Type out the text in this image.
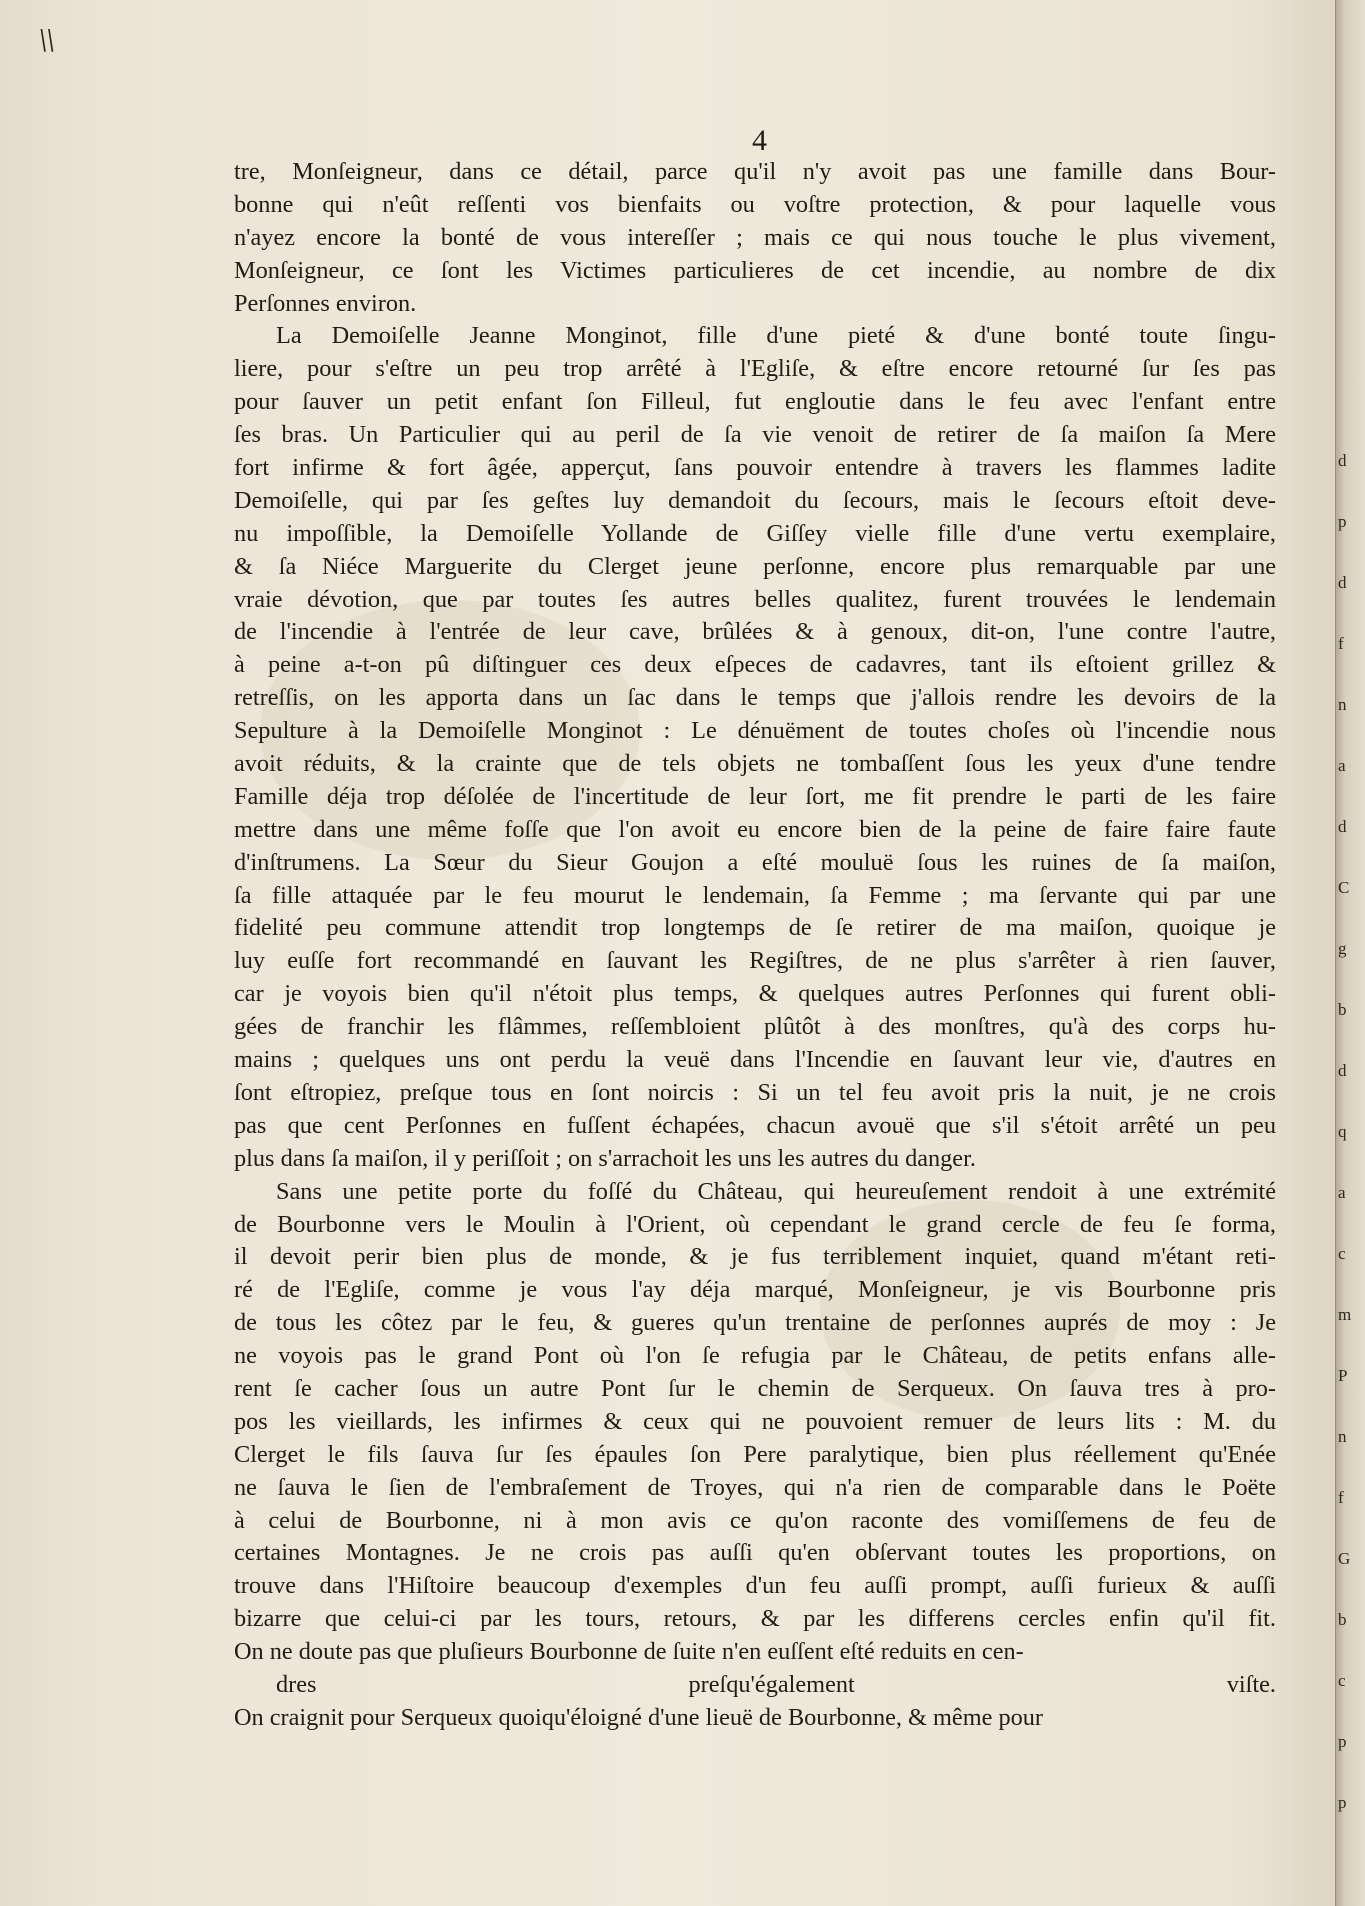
\\
4
tre, Monſeigneur, dans ce détail, parce qu'il n'y avoit pas une famille dans Bour-
bonne qui n'eût reſſenti vos bienfaits ou voſtre protection, & pour laquelle vous
n'ayez encore la bonté de vous intereſſer ; mais ce qui nous touche le plus vivement,
Monſeigneur, ce ſont les Victimes particulieres de cet incendie, au nombre de dix
Perſonnes environ.
La Demoiſelle Jeanne Monginot, fille d'une pieté & d'une bonté toute ſingu-
liere, pour s'eſtre un peu trop arrêté à l'Egliſe, & eſtre encore retourné ſur ſes pas
pour ſauver un petit enfant ſon Filleul, fut engloutie dans le feu avec l'enfant entre
ſes bras. Un Particulier qui au peril de ſa vie venoit de retirer de ſa maiſon ſa Mere
fort infirme & fort âgée, apperçut, ſans pouvoir entendre à travers les flammes ladite
Demoiſelle, qui par ſes geſtes luy demandoit du ſecours, mais le ſecours eſtoit deve-
nu impoſſible, la Demoiſelle Yollande de Giſſey vielle fille d'une vertu exemplaire,
& ſa Niéce Marguerite du Clerget jeune perſonne, encore plus remarquable par une
vraie dévotion, que par toutes ſes autres belles qualitez, furent trouvées le lendemain
de l'incendie à l'entrée de leur cave, brûlées & à genoux, dit-on, l'une contre l'autre,
à peine a-t-on pû diſtinguer ces deux eſpeces de cadavres, tant ils eſtoient grillez &
retreſſis, on les apporta dans un ſac dans le temps que j'allois rendre les devoirs de la
Sepulture à la Demoiſelle Monginot : Le dénuëment de toutes choſes où l'incendie nous
avoit réduits, & la crainte que de tels objets ne tombaſſent ſous les yeux d'une tendre
Famille déja trop déſolée de l'incertitude de leur ſort, me fit prendre le parti de les faire
mettre dans une même foſſe que l'on avoit eu encore bien de la peine de faire faire faute
d'inſtrumens. La Sœur du Sieur Goujon a eſté mouluë ſous les ruines de ſa maiſon,
ſa fille attaquée par le feu mourut le lendemain, ſa Femme ; ma ſervante qui par une
fidelité peu commune attendit trop longtemps de ſe retirer de ma maiſon, quoique je
luy euſſe fort recommandé en ſauvant les Regiſtres, de ne plus s'arrêter à rien ſauver,
car je voyois bien qu'il n'étoit plus temps, & quelques autres Perſonnes qui furent obli-
gées de franchir les flâmmes, reſſembloient plûtôt à des monſtres, qu'à des corps hu-
mains ; quelques uns ont perdu la veuë dans l'Incendie en ſauvant leur vie, d'autres en
ſont eſtropiez, preſque tous en ſont noircis : Si un tel feu avoit pris la nuit, je ne crois
pas que cent Perſonnes en fuſſent échapées, chacun avouë que s'il s'étoit arrêté un peu
plus dans ſa maiſon, il y periſſoit ; on s'arrachoit les uns les autres du danger.
Sans une petite porte du foſſé du Château, qui heureuſement rendoit à une extrémité
de Bourbonne vers le Moulin à l'Orient, où cependant le grand cercle de feu ſe forma,
il devoit perir bien plus de monde, & je fus terriblement inquiet, quand m'étant reti-
ré de l'Egliſe, comme je vous l'ay déja marqué, Monſeigneur, je vis Bourbonne pris
de tous les côtez par le feu, & gueres qu'un trentaine de perſonnes auprés de moy : Je
ne voyois pas le grand Pont où l'on ſe refugia par le Château, de petits enfans alle-
rent ſe cacher ſous un autre Pont ſur le chemin de Serqueux. On ſauva tres à pro-
pos les vieillards, les infirmes & ceux qui ne pouvoient remuer de leurs lits : M. du
Clerget le fils ſauva ſur ſes épaules ſon Pere paralytique, bien plus réellement qu'Enée
ne ſauva le ſien de l'embraſement de Troyes, qui n'a rien de comparable dans le Poëte
à celui de Bourbonne, ni à mon avis ce qu'on raconte des vomiſſemens de feu de
certaines Montagnes. Je ne crois pas auſſi qu'en obſervant toutes les proportions, on
trouve dans l'Hiſtoire beaucoup d'exemples d'un feu auſſi prompt, auſſi furieux & auſſi
bizarre que celui-ci par les tours, retours, & par les differens cercles enfin qu'il fit.
On ne doute pas que pluſieurs Bourbonne de ſuite n'en euſſent eſté reduits en cen-
dres preſqu'également viſte.
On craignit pour Serqueux quoiqu'éloigné d'une lieuë de Bourbonne, & même pour
d
p
d
f
n
a
d
C
g
b
d
q
a
c
m
P
n
f
G
b
c
p
p
